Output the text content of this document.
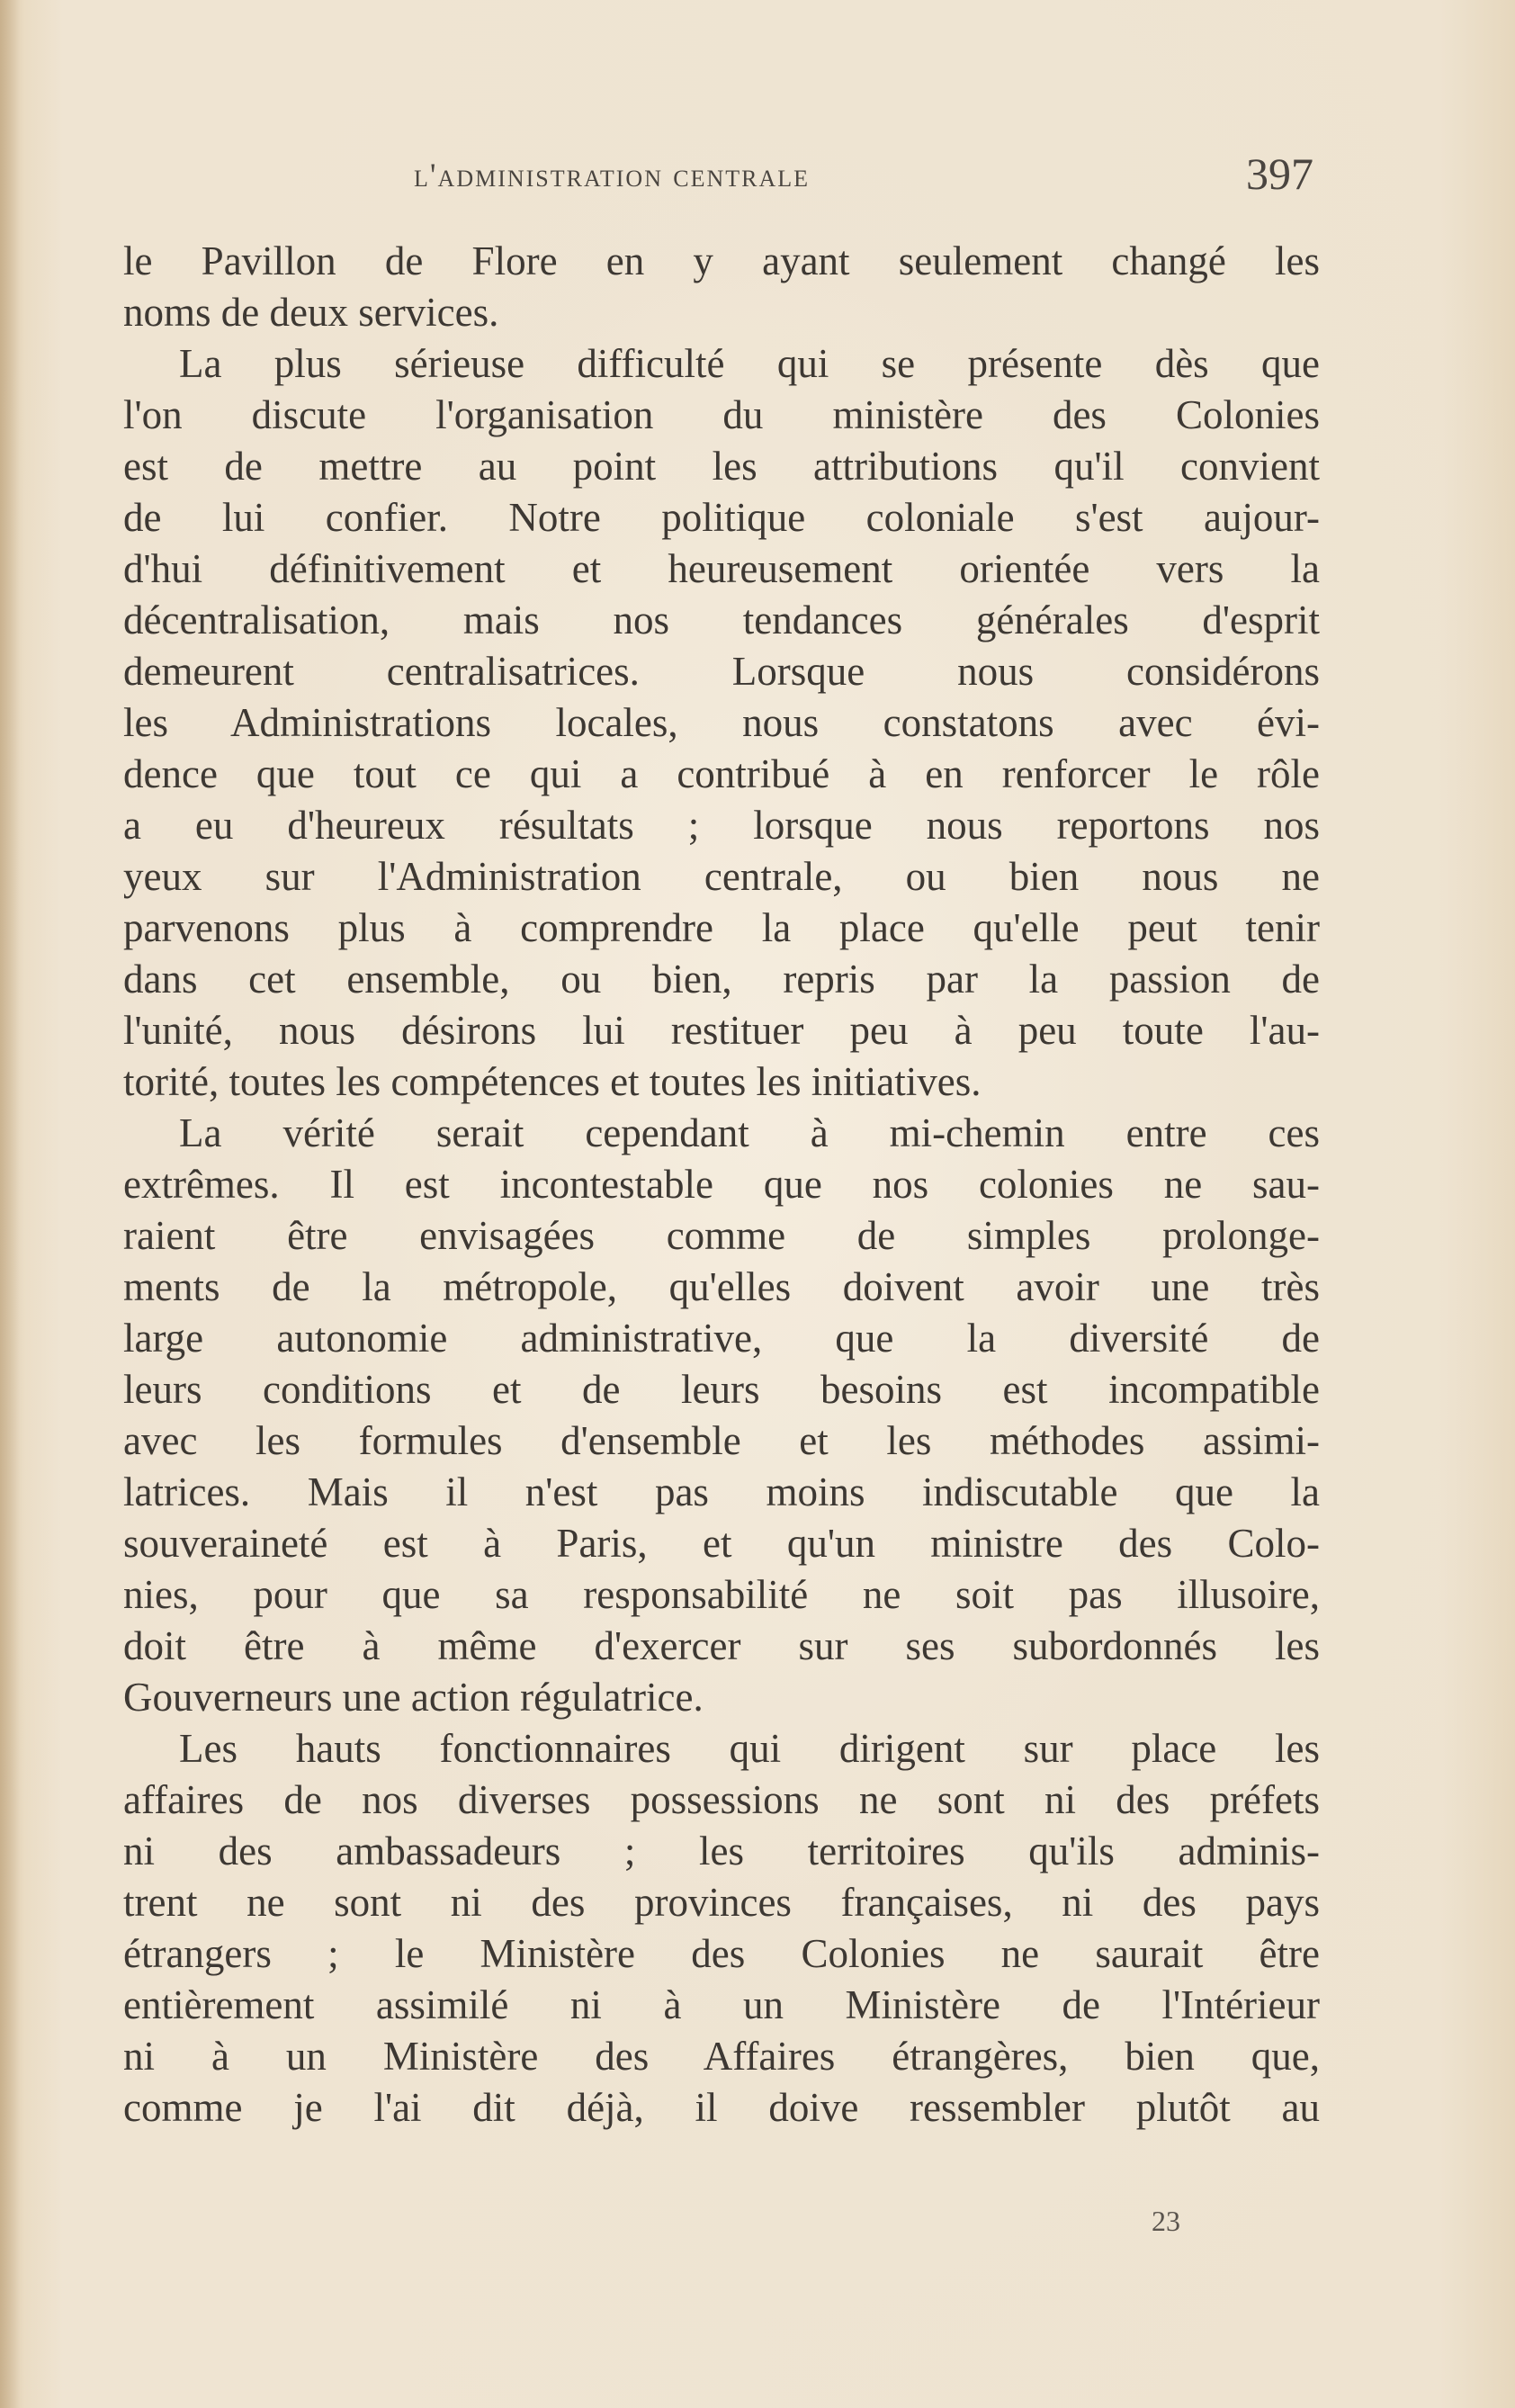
l'administration centrale	397
le Pavillon de Flore en y ayant seulement changé les
noms de deux services.
La plus sérieuse difficulté qui se présente dès que
l'on discute l'organisation du ministère des Colonies
est de mettre au point les attributions qu'il convient
de lui confier. Notre politique coloniale s'est aujour-
d'hui définitivement et heureusement orientée vers la
décentralisation, mais nos tendances générales d'esprit
demeurent centralisatrices. Lorsque nous considérons
les Administrations locales, nous constatons avec évi-
dence que tout ce qui a contribué à en renforcer le rôle
a eu d'heureux résultats ; lorsque nous reportons nos
yeux sur l'Administration centrale, ou bien nous ne
parvenons plus à comprendre la place qu'elle peut tenir
dans cet ensemble, ou bien, repris par la passion de
l'unité, nous désirons lui restituer peu à peu toute l'au-
torité, toutes les compétences et toutes les initiatives.
La vérité serait cependant à mi-chemin entre ces
extrêmes. Il est incontestable que nos colonies ne sau-
raient être envisagées comme de simples prolonge-
ments de la métropole, qu'elles doivent avoir une très
large autonomie administrative, que la diversité de
leurs conditions et de leurs besoins est incompatible
avec les formules d'ensemble et les méthodes assimi-
latrices. Mais il n'est pas moins indiscutable que la
souveraineté est à Paris, et qu'un ministre des Colo-
nies, pour que sa responsabilité ne soit pas illusoire,
doit être à même d'exercer sur ses subordonnés les
Gouverneurs une action régulatrice.
Les hauts fonctionnaires qui dirigent sur place les
affaires de nos diverses possessions ne sont ni des préfets
ni des ambassadeurs ; les territoires qu'ils adminis-
trent ne sont ni des provinces françaises, ni des pays
étrangers ; le Ministère des Colonies ne saurait être
entièrement assimilé ni à un Ministère de l'Intérieur
ni à un Ministère des Affaires étrangères, bien que,
comme je l'ai dit déjà, il doive ressembler plutôt au
23
